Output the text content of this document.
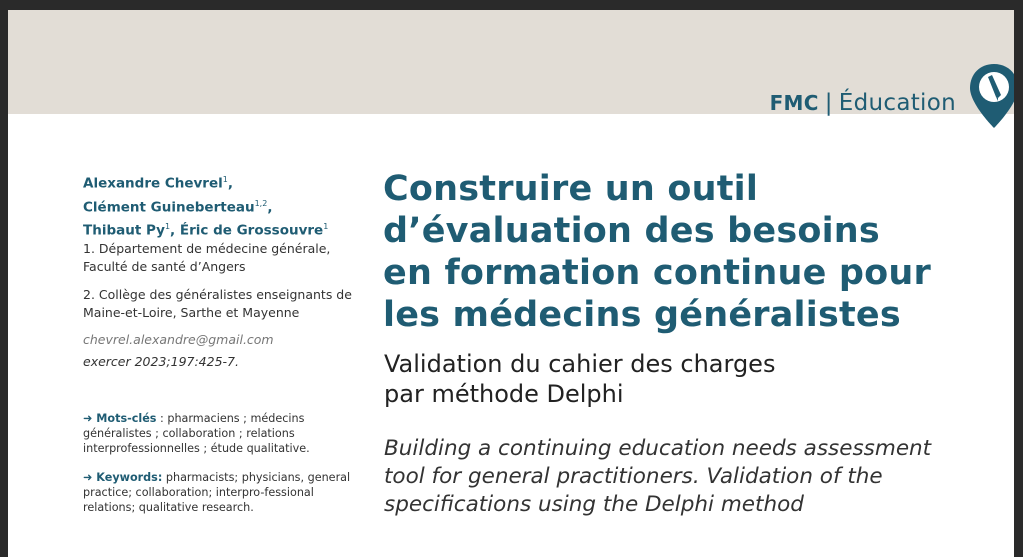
FMC | Éducation
Alexandre Chevrel$^1$,
Clément Guineberteau$^{1,2}$,
Thibaut Py$^1$, Éric de Grossouvre$^1$
1. Département de médecine générale, Faculté de santé d’Angers
2. Collège des généralistes enseignants de Maine-et-Loire, Sarthe et Mayenne
chevrel.alexandre@gmail.com
exercer 2023;197:425-7.
➜ Mots-clés : pharmaciens ; médecins généralistes ; collaboration ; relations interprofessionnelles ; étude qualitative.
➜ Keywords: pharmacists; physicians, general practice; collaboration; interpro-fessional relations; qualitative research.
Construire un outil
d’évaluation des besoins
en formation continue pour
les médecins généralistes
Validation du cahier des charges
par méthode Delphi
Building a continuing education needs assessment
tool for general practitioners. Validation of the
specifications using the Delphi method
